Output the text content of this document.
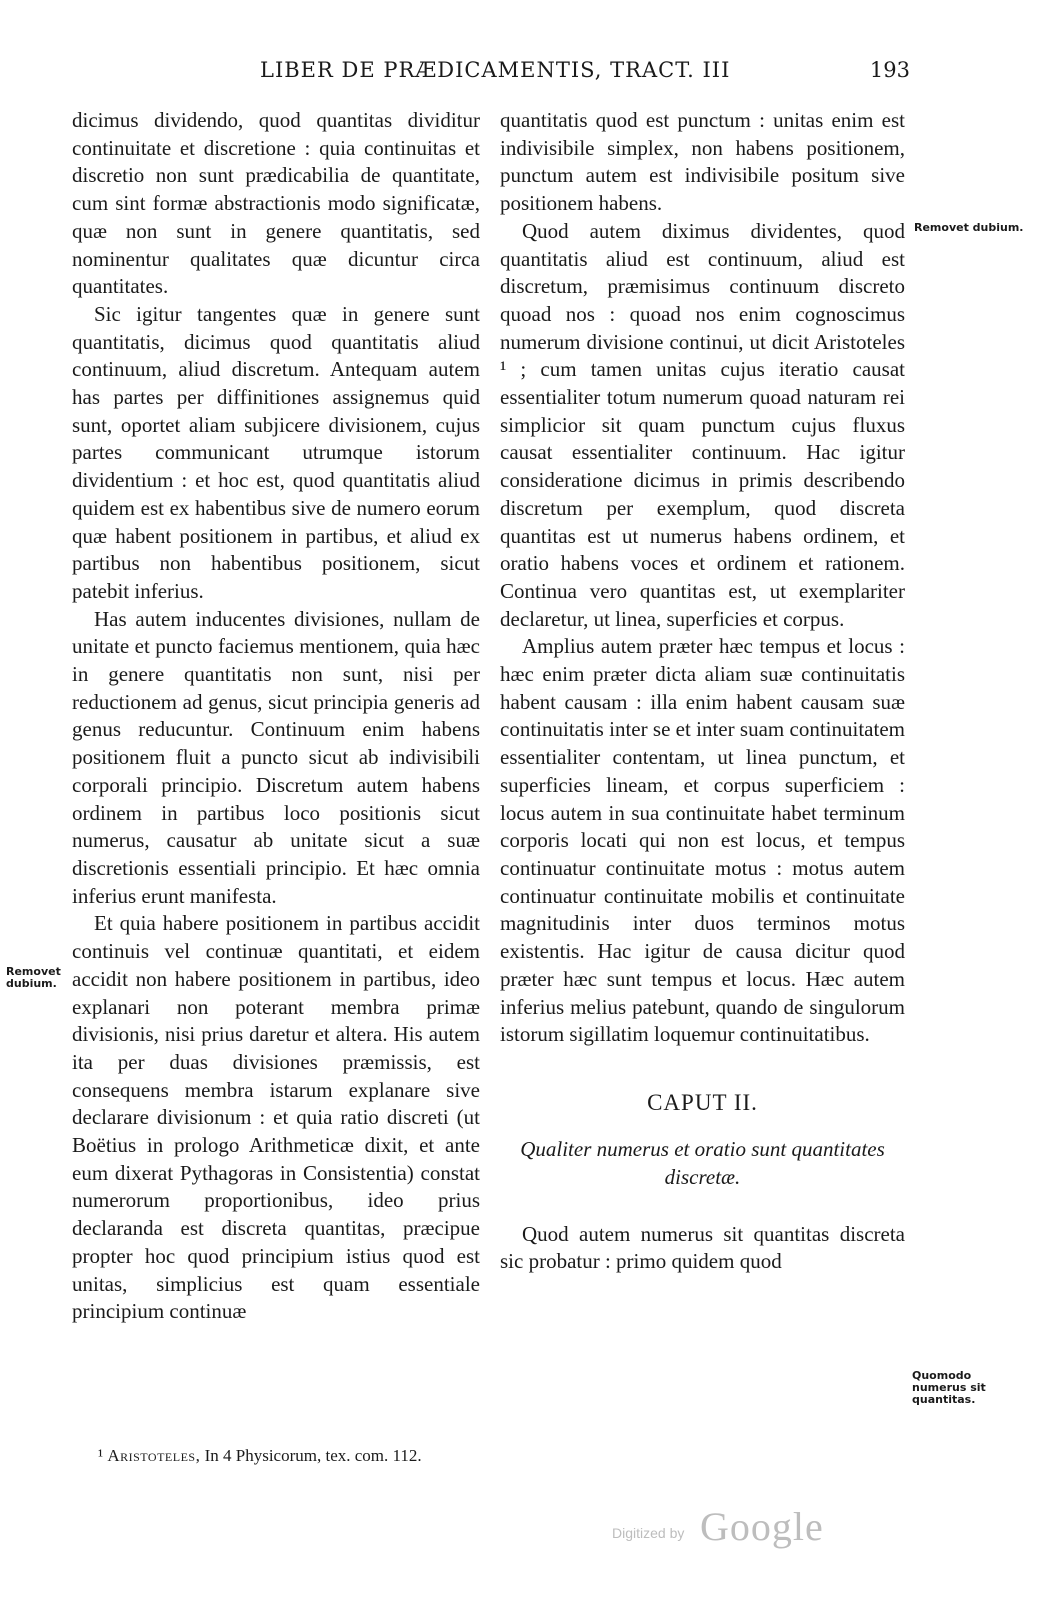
LIBER DE PRÆDICAMENTIS, TRACT. III	193

dicimus dividendo, quod quantitas dividitur continuitate et discretione : quia continuitas et discretio non sunt prædicabilia de quantitate, cum sint formæ abstractionis modo significatæ, quæ non sunt in genere quantitatis, sed nominentur qualitates quæ dicuntur circa quantitates.

Sic igitur tangentes quæ in genere sunt quantitatis, dicimus quod quantitatis aliud continuum, aliud discretum. Antequam autem has partes per diffinitiones assignemus quid sunt, oportet aliam subjicere divisionem, cujus partes communicant utrumque istorum dividentium : et hoc est, quod quantitatis aliud quidem est ex habentibus sive de numero eorum quæ habent positionem in partibus, et aliud ex partibus non habentibus positionem, sicut patebit inferius.

Has autem inducentes divisiones, nullam de unitate et puncto faciemus mentionem, quia hæc in genere quantitatis non sunt, nisi per reductionem ad genus, sicut principia generis ad genus reducuntur. Continuum enim habens positionem fluit a puncto sicut ab indivisibili corporali principio. Discretum autem habens ordinem in partibus loco positionis sicut numerus, causatur ab unitate sicut a suæ discretionis essentiali principio. Et hæc omnia inferius erunt manifesta.

Et quia habere positionem in partibus accidit continuis vel continuæ quantitati, et eidem accidit non habere positionem in partibus, ideo explanari non poterant membra primæ divisionis, nisi prius daretur et altera. His autem ita per duas divisiones præmissis, est consequens membra istarum explanare sive declarare divisionum : et quia ratio discreti (ut Boëtius in prologo Arithmeticæ dixit, et ante eum dixerat Pythagoras in Consistentia) constat numerorum proportionibus, ideo prius declaranda est discreta quantitas, præcipue propter hoc quod principium istius quod est unitas, simplicius est quam essentiale principium continuæ

quantitatis quod est punctum : unitas enim est indivisibile simplex, non habens positionem, punctum autem est indivisibile positum sive positionem habens.

Quod autem diximus dividentes, quod quantitatis aliud est continuum, aliud est discretum, præmisimus continuum discreto quoad nos : quoad nos enim cognoscimus numerum divisione continui, ut dicit Aristoteles ¹ ; cum tamen unitas cujus iteratio causat essentialiter totum numerum quoad naturam rei simplicior sit quam punctum cujus fluxus causat essentialiter continuum. Hac igitur consideratione dicimus in primis describendo discretum per exemplum, quod discreta quantitas est ut numerus habens ordinem, et oratio habens voces et ordinem et rationem. Continua vero quantitas est, ut exemplariter declaretur, ut linea, superficies et corpus.

Amplius autem præter hæc tempus et locus : hæc enim præter dicta aliam suæ continuitatis habent causam : illa enim habent causam suæ continuitatis inter se et inter suam continuitatem essentialiter contentam, ut linea punctum, et superficies lineam, et corpus superficiem : locus autem in sua continuitate habet terminum corporis locati qui non est locus, et tempus continuatur continuitate motus : motus autem continuatur continuitate mobilis et continuitate magnitudinis inter duos terminos motus existentis. Hac igitur de causa dicitur quod præter hæc sunt tempus et locus. Hæc autem inferius melius patebunt, quando de singulorum istorum sigillatim loquemur continuitatibus.

CAPUT II.
Qualiter numerus et oratio sunt quantitates discretæ.

Quod autem numerus sit quantitas discreta sic probatur : primo quidem quod

Removet dubium.
Removet dubium.
Quomodo numerus sit quantitas.
¹ Aristoteles, In 4 Physicorum, tex. com. 112.
Digitized by Google
